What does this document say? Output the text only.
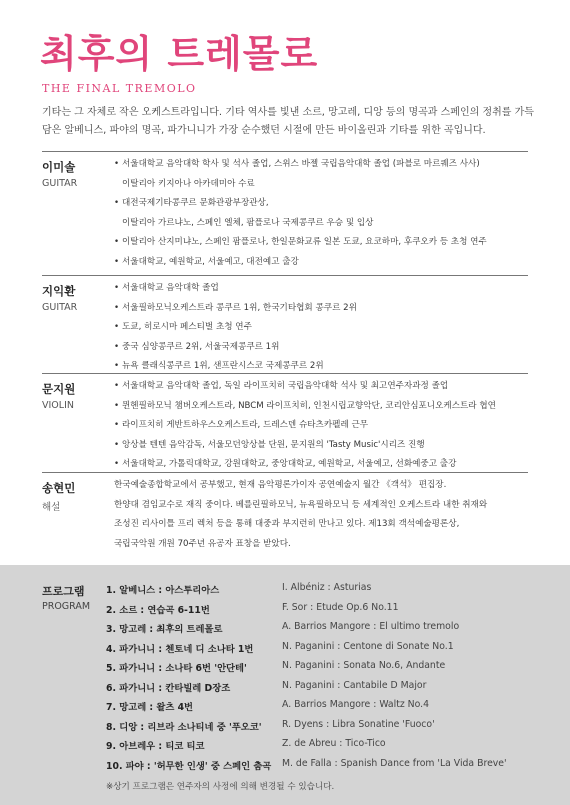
최후의 트레몰로
THE FINAL TREMOLO

기타는 그 자체로 작은 오케스트라입니다. 기타 역사를 빛낸 소르, 망고레, 디앙 등의 명곡과 스페인의 정취를 가득 담은 알베니스, 파야의 명곡, 파가니니가 가장 순수했던 시절에 만든 바이올린과 기타를 위한 곡입니다.

이미솔
GUITAR
• 서울대학교 음악대학 학사 및 석사 졸업, 스위스 바젤 국립음악대학 졸업 (파블로 마르퀘즈 사사)
이탈리아 키지아나 아카데미아 수료
• 대전국제기타콩쿠르 문화관광부장관상,
이탈리아 가르냐노, 스페인 엘체, 팜플로나 국제콩쿠르 우승 및 입상
• 이탈리아 산지미냐노, 스페인 팜플로나, 한일문화교류 일본 도쿄, 요코하마, 후쿠오카 등 초청 연주
• 서울대학교, 예원학교, 서울예고, 대전예고 출강
지익환
GUITAR
• 서울대학교 음악대학 졸업
• 서울필하모닉오케스트라 콩쿠르 1위, 한국기타협회 콩쿠르 2위
• 도쿄, 히로시마 페스티벌 초청 연주
• 중국 심양콩쿠르 2위, 서울국제콩쿠르 1위
• 뉴욕 클래식콩쿠르 1위, 샌프란시스코 국제콩쿠르 2위
문지원
VIOLIN
• 서울대학교 음악대학 졸업, 독일 라이프치히 국립음악대학 석사 및 최고연주자과정 졸업
• 뮌헨필하모닉 챔버오케스트라, NBCM 라이프치히, 인천시립교향악단, 코리안심포니오케스트라 협연
• 라이프치히 게반트하우스오케스트라, 드레스덴 슈타츠카펠레 근무
• 앙상블 텐텐 음악감독, 서울모던앙상블 단원, 문지원의 'Tasty Music'시리즈 진행
• 서울대학교, 가톨릭대학교, 강원대학교, 중앙대학교, 예원학교, 서울예고, 선화예중고 출강
송현민
해설
한국예술종합학교에서 공부했고, 현재 음악평론가이자 공연예술지 월간 《객석》 편집장.
한양대 겸임교수로 재직 중이다. 베를린필하모닉, 뉴욕필하모닉 등 세계적인 오케스트라 내한 취재와
조성진 리사이틀 프리 렉처 등을 통해 대중과 부지런히 만나고 있다. 제13회 객석예술평론상,
국립국악원 개원 70주년 유공자 표창을 받았다.
프로그램
PROGRAM
1. 알베니스 : 아스투리아스	I. Albéniz : Asturias
2. 소르 : 연습곡 6-11번	F. Sor : Etude Op.6 No.11
3. 망고레 : 최후의 트레몰로	A. Barrios Mangore : El ultimo tremolo
4. 파가니니 : 첸토네 디 소나타 1번	N. Paganini : Centone di Sonate No.1
5. 파가니니 : 소나타 6번 '안단테'	N. Paganini : Sonata No.6, Andante
6. 파가니니 : 칸타빌레 D장조	N. Paganini : Cantabile D Major
7. 망고레 : 왈츠 4번	A. Barrios Mangore : Waltz No.4
8. 디앙 : 리브라 소나티네 중 '푸오코' R. Dyens : Libra Sonatine 'Fuoco'
9. 아브레우 : 티코 티코	Z. de Abreu : Tico-Tico
10. 파야 : '허무한 인생' 중 스페인 춤곡 M. de Falla : Spanish Dance from 'La Vida Breve'
※상기 프로그램은 연주자의 사정에 의해 변경될 수 있습니다.
